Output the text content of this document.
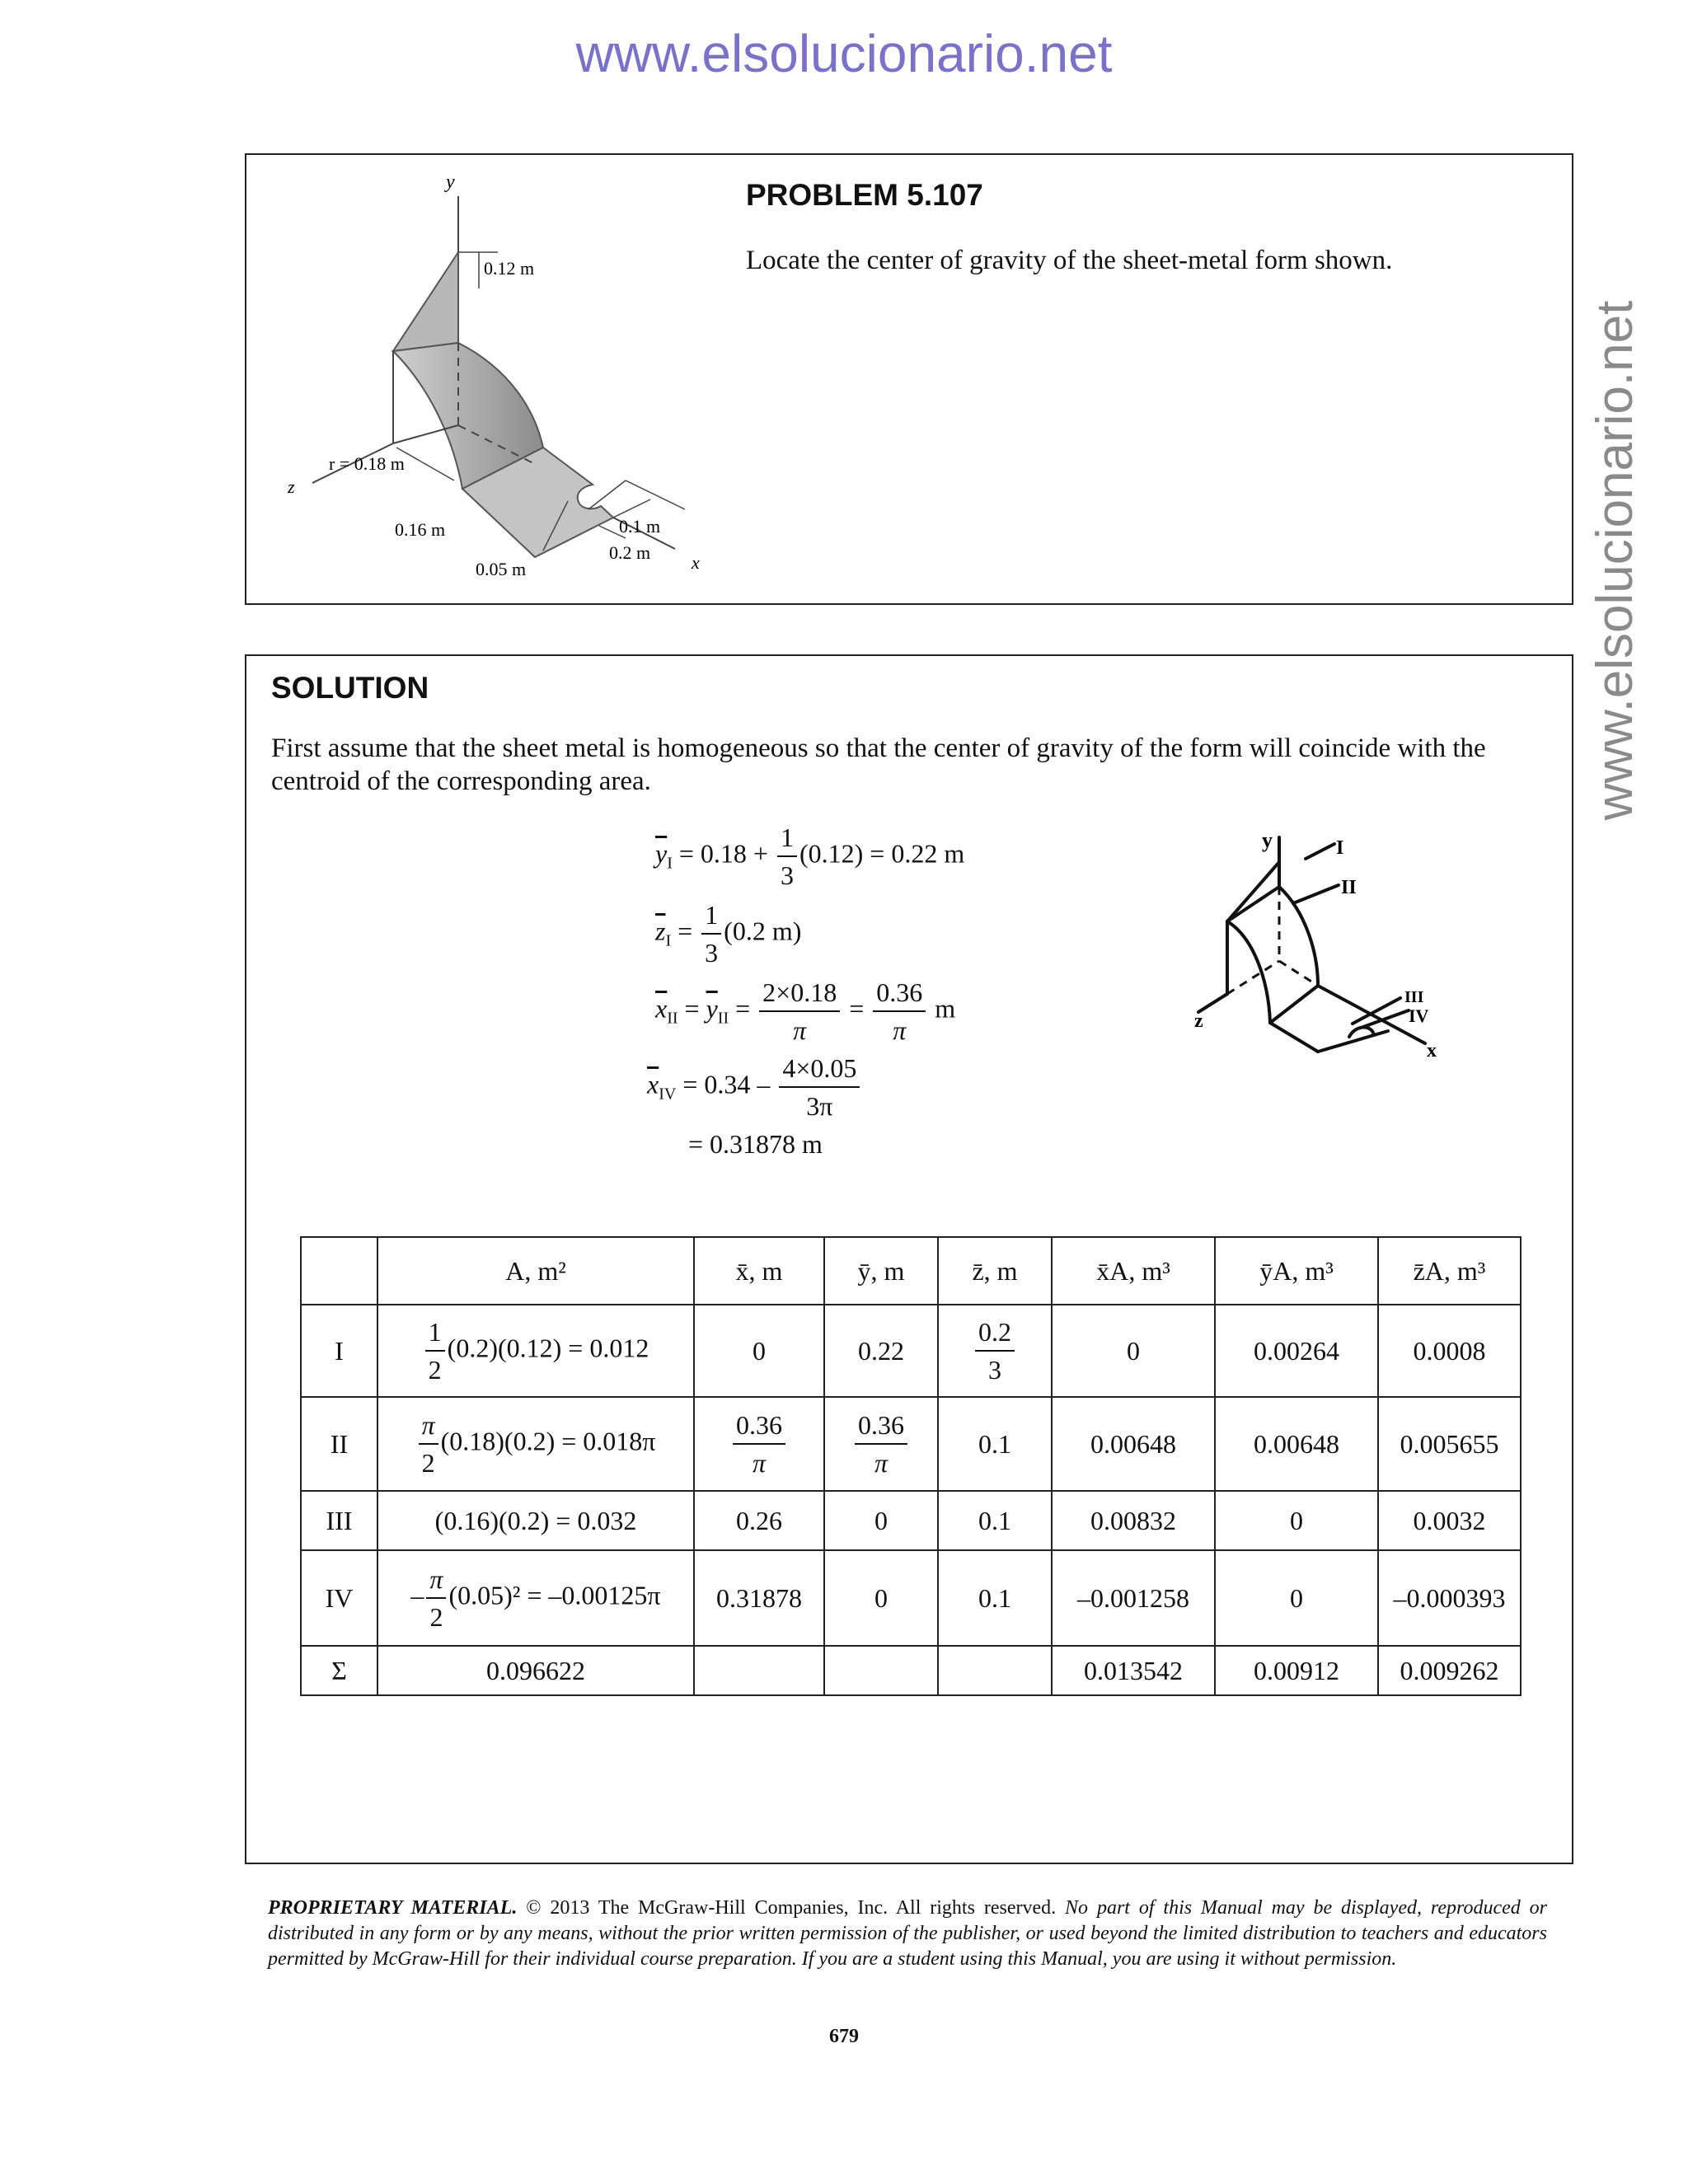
www.elsolucionario.net
www.elsolucionario.net
y
0.12 m
r = 0.18 m
z
0.16 m
0.05 m
0.1 m
0.2 m x
PROBLEM 5.107
Locate the center of gravity of the sheet-metal form shown.
SOLUTION
First assume that the sheet metal is homogeneous so that the center of gravity of the form will coincide with the centroid of the corresponding area.
$\overline{y}_I = 0.18 + \frac{1}{3} (0.12) = 0.22$ m
$\overline{z}_I = \frac{1}{3} (0.2$ m)
$\overline{x}_{II} = \overline{y}_{II} = \frac{2\times 0.18}{\pi} = \frac{0.36}{\pi}$ m
$\overline{x}_{IV} = 0.34 - \frac{4\times 0.05}{3\pi}$
= 0.31878 m
y	I
II
III
IV
z
x
	A, m²	x̄, m	ȳ, m	z̄, m	x̄A, m³	ȳA, m³	z̄A, m³
I	$\frac{1}{2} (0.2)(0.12) = 0.012$	0	0.22	$\frac{0.2}{3}$	0	0.00264	0.0008
II	$\frac{\pi}{2} (0.18)(0.2) = 0.018\pi$	$\frac{0.36}{\pi}$	$\frac{0.36}{\pi}$	0.1	0.00648	0.00648	0.005655
III	(0.16)(0.2) = 0.032	0.26	0	0.1	0.00832	0	0.0032
IV	– $\frac{\pi}{2} (0.05)^2 = -0.00125\pi$	0.31878	0	0.1	–0.001258	0	–0.000393
Σ	0.096622				0.013542	0.00912	0.009262
PROPRIETARY MATERIAL. © 2013 The McGraw-Hill Companies, Inc. All rights reserved. No part of this Manual may be displayed, reproduced or distributed in any form or by any means, without the prior written permission of the publisher, or used beyond the limited distribution to teachers and educators permitted by McGraw-Hill for their individual course preparation. If you are a student using this Manual, you are using it without permission.
679
